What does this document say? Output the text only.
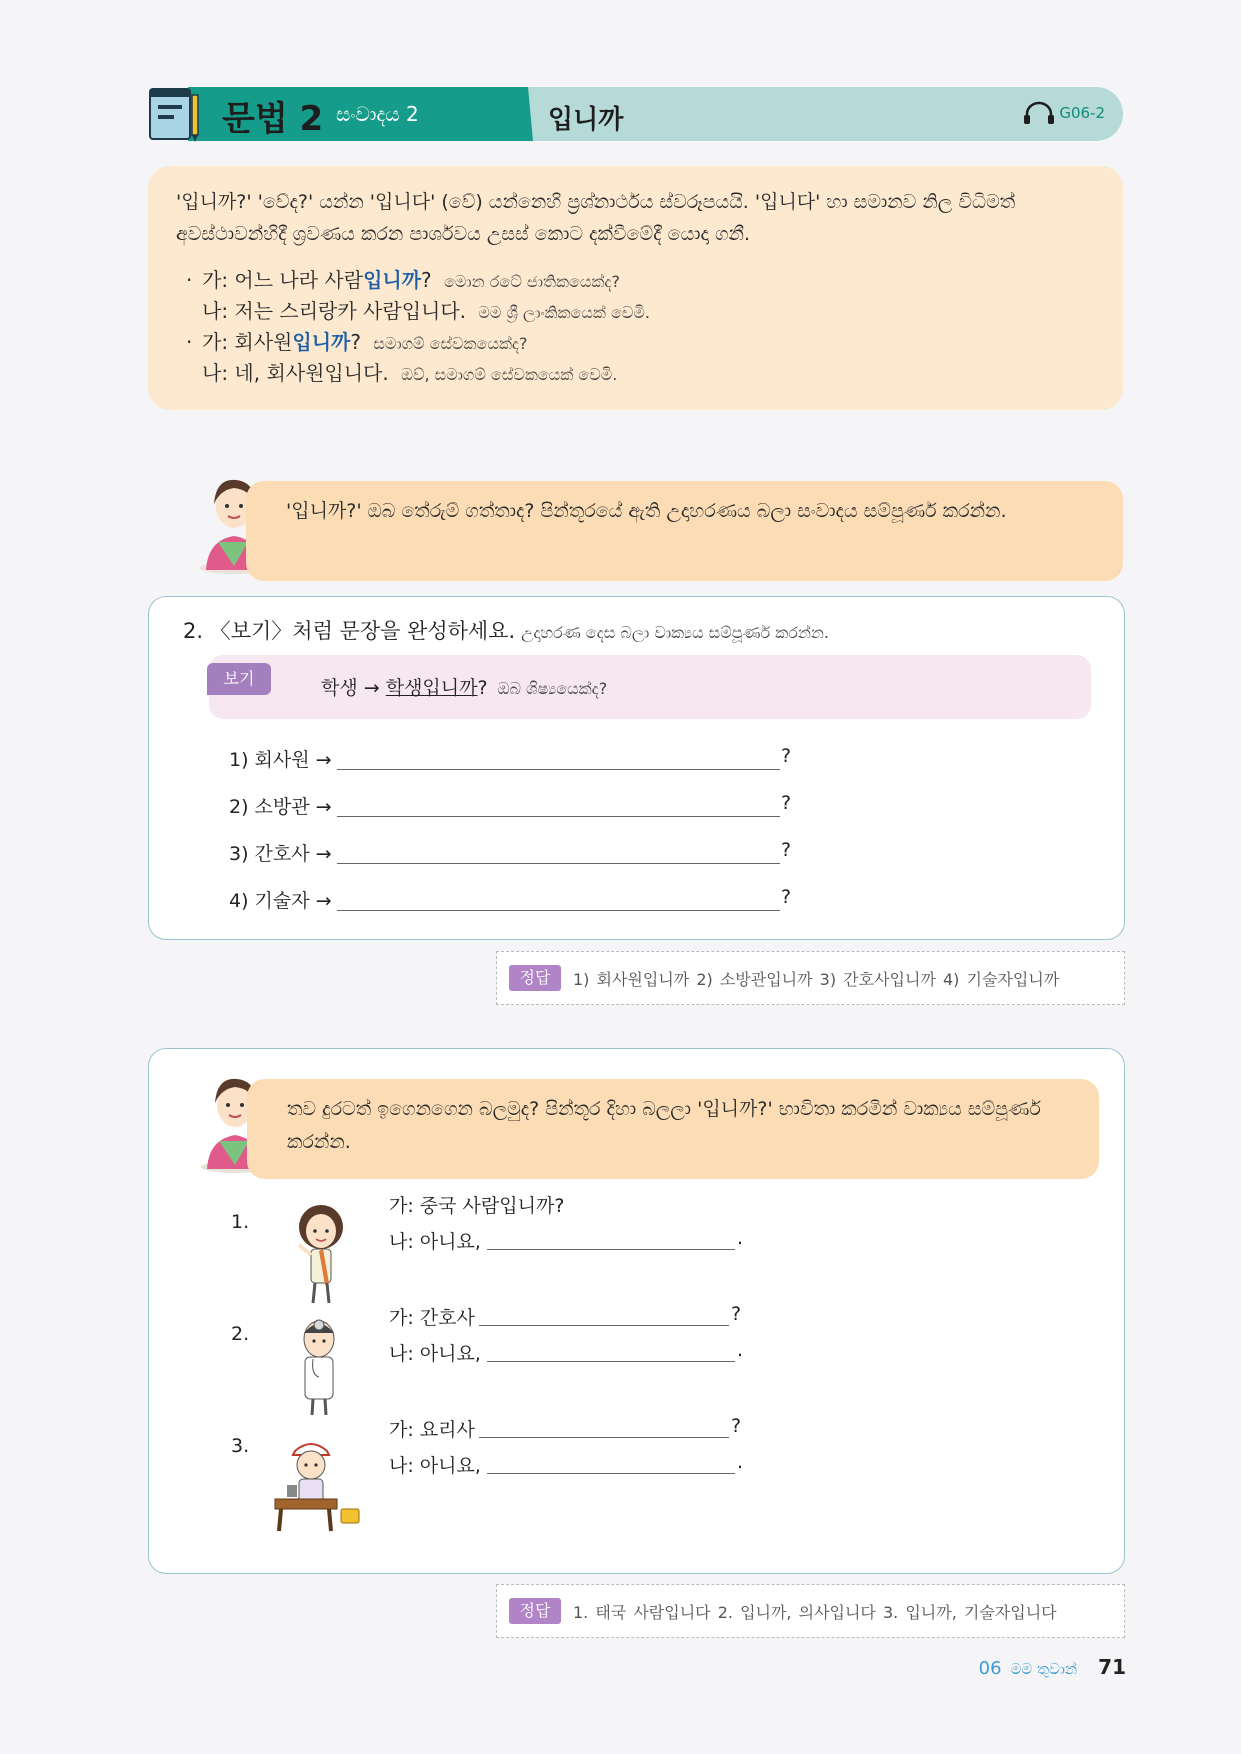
문법 2 සංවාදය 2	입니까	G06-2
'입니까?' 'වේද?' යන්න '입니다' (වේ) යන්නෙහි ප්‍රශ්නාර්ථය ස්වරූපයයි. '입니다' හා සමානව නිල විධිමත් අවස්ථාවන්හිදී ශ්‍රවණය කරන පාර්ශවය උසස් කොට දක්වීමේදී යොදා ගනී.
· 가: 어느 나라 사람입니까? මොන රටේ ජාතිකයෙක්ද?
나: 저는 스리랑카 사람입니다. මම ශ්‍රී ලාංකිකයෙක් වෙමි.
· 가: 회사원입니까? සමාගම් සේවකයෙක්ද?
나: 네, 회사원입니다. ඔව්, සමාගම් සේවකයෙක් වෙමි.
'입니까?' ඔබ තේරුම් ගත්තාද? පින්තූරයේ ඇති උදාහරණය බලා සංවාදය සම්පූර්ණ කරන්න.
2. 〈보기〉처럼 문장을 완성하세요. උදාහරණ දෙස බලා වාක්‍යය සම්පූර්ණ කරන්න.
보기	학생 → 학생입니까? ඔබ ශිෂ්‍යයෙක්ද?
1) 회사원 →	?
2) 소방관 →	?
3) 간호사 →	?
4) 기술자 →	?
정답	1) 회사원입니까 2) 소방관입니까 3) 간호사입니까 4) 기술자입니까
තව දුරටත් ඉගෙනගෙන බලමුද? පින්තූර දිහා බලලා '입니까?' භාවිතා කරමින් වාක්‍යය සම්පූර්ණ කරන්න.
1.
가: 중국 사람입니까?
나: 아니요,	.
2.
가: 간호사	?
나: 아니요,	.
3.
가: 요리사	?
나: 아니요,	.
정답	1. 태국 사람입니다 2. 입니까, 의사입니다 3. 입니까, 기술자입니다
06 මම තුවාන් 71
